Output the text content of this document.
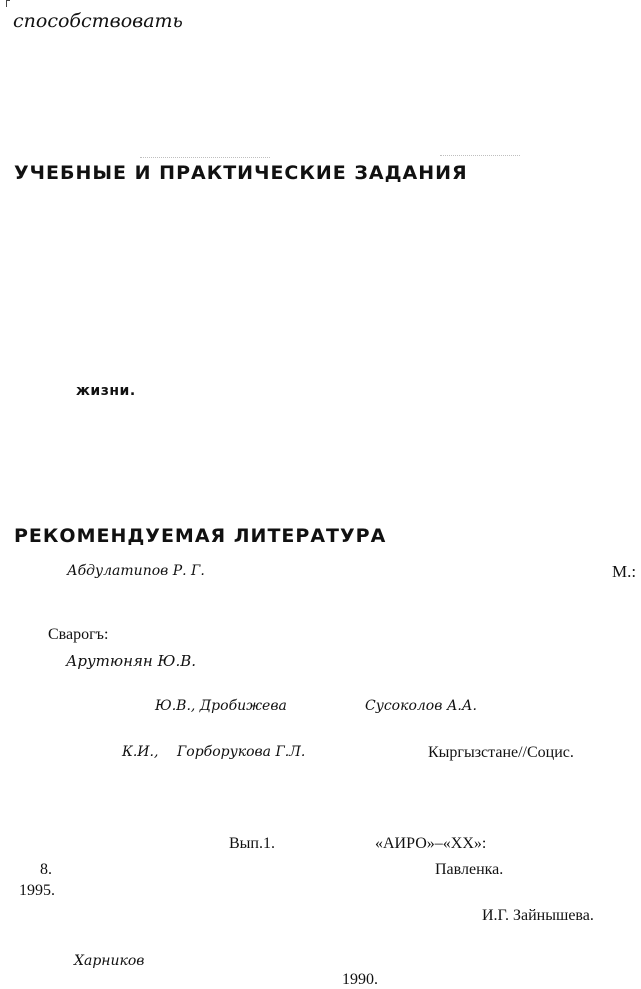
способствовать
УЧЕБНЫЕ И ПРАКТИЧЕСКИЕ ЗАДАНИЯ
жизни.
РЕКОМЕНДУЕМАЯ ЛИТЕРАТУРА
Абдулатипов Р. Г.	М.:
Сварогъ:
Арутюнян Ю.В.
Ю.В., Дробижева	Сусоколов А.А.
К.И., Горборукова Г.Л.	Кыргызстане//Социс.
Вып.1.	«АИРО»–«XX»:
8.	Павленка.
1995.
И.Г. Зайнышева.
Харников
1990.
